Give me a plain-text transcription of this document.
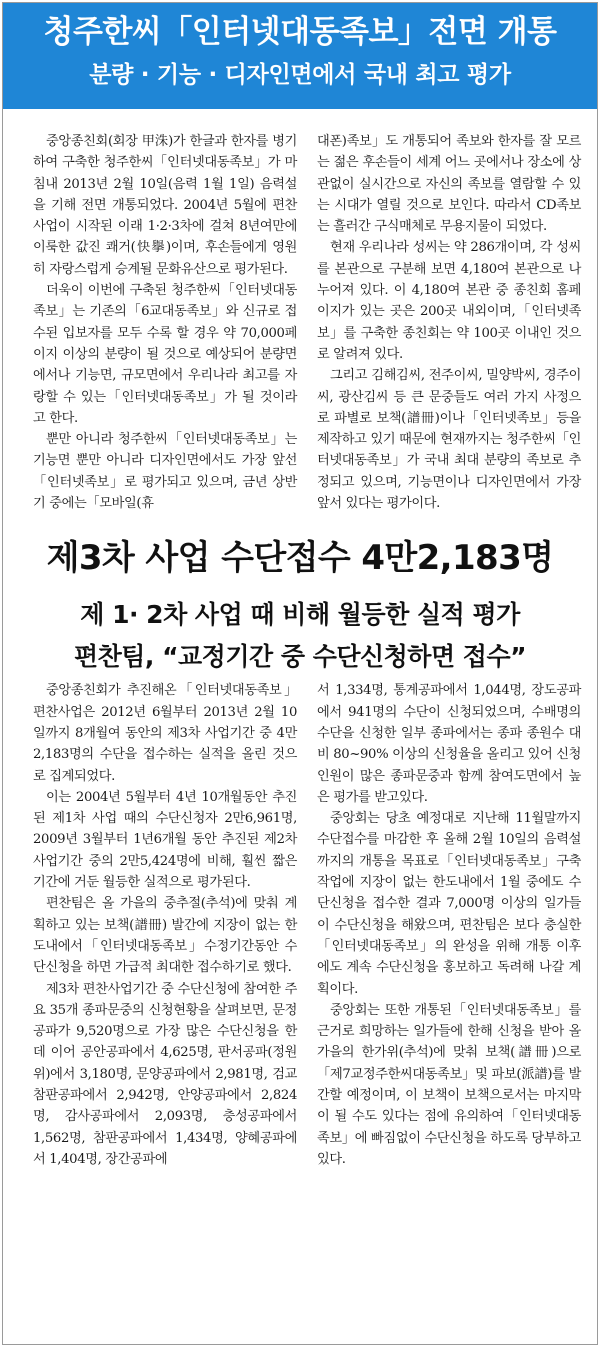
청주한씨「인터넷대동족보」전면 개통
분량 · 기능 · 디자인면에서 국내 최고 평가

중앙종친회(회장 甲洙)가 한글과 한자를 병기하여 구축한 청주한씨「인터넷대동족보」가 마침내 2013년 2월 10일(음력 1월 1일) 음력설을 기해 전면 개통되었다. 2004년 5월에 편찬사업이 시작된 이래 1·2·3차에 걸쳐 8년여만에 이룩한 값진 쾌거(快擧)이며, 후손들에게 영원히 자랑스럽게 승계될 문화유산으로 평가된다.

더욱이 이번에 구축된 청주한씨「인터넷대동족보」는 기존의「6교대동족보」와 신규로 접수된 입보자를 모두 수록 할 경우 약 70,000페이지 이상의 분량이 될 것으로 예상되어 분량면에서나 기능면, 규모면에서 우리나라 최고를 자랑할 수 있는「인터넷대동족보」가 될 것이라고 한다.

뿐만 아니라 청주한씨「인터넷대동족보」는 기능면 뿐만 아니라 디자인면에서도 가장 앞선「인터넷족보」로 평가되고 있으며, 금년 상반기 중에는「모바일(휴

대폰)족보」도 개통되어 족보와 한자를 잘 모르는 젊은 후손들이 세계 어느 곳에서나 장소에 상관없이 실시간으로 자신의 족보를 열람할 수 있는 시대가 열릴 것으로 보인다. 따라서 CD족보는 흘러간 구식매체로 무용지물이 되었다.

현재 우리나라 성씨는 약 286개이며, 각 성씨를 본관으로 구분해 보면 4,180여 본관으로 나누어져 있다. 이 4,180여 본관 중 종친회 홈페이지가 있는 곳은 200곳 내외이며,「인터넷족보」를 구축한 종친회는 약 100곳 이내인 것으로 알려져 있다.

그리고 김해김씨, 전주이씨, 밀양박씨, 경주이씨, 광산김씨 등 큰 문중들도 여러 가지 사정으로 파별로 보책(譜冊)이나「인터넷족보」등을 제작하고 있기 때문에 현재까지는 청주한씨「인터넷대동족보」가 국내 최대 분량의 족보로 추정되고 있으며, 기능면이나 디자인면에서 가장 앞서 있다는 평가이다.

제3차 사업 수단접수 4만2,183명
제 1· 2차 사업 때 비해 월등한 실적 평가
편찬팀, “교정기간 중 수단신청하면 접수”

중앙종친회가 추진해온「인터넷대동족보」편찬사업은 2012년 6월부터 2013년 2월 10일까지 8개월여 동안의 제3차 사업기간 중 4만2,183명의 수단을 접수하는 실적을 올린 것으로 집계되었다.

이는 2004년 5월부터 4년 10개월동안 추진된 제1차 사업 때의 수단신청자 2만6,961명, 2009년 3월부터 1년6개월 동안 추진된 제2차 사업기간 중의 2만5,424명에 비해, 훨씬 짧은 기간에 거둔 월등한 실적으로 평가된다.

편찬팀은 올 가을의 중추절(추석)에 맞춰 계획하고 있는 보책(譜冊) 발간에 지장이 없는 한도내에서「인터넷대동족보」수정기간동안 수단신청을 하면 가급적 최대한 접수하기로 했다.

제3차 편찬사업기간 중 수단신청에 참여한 주요 35개 종파문중의 신청현황을 살펴보면, 문정공파가 9,520명으로 가장 많은 수단신청을 한데 이어 공안공파에서 4,625명, 판서공파(정원위)에서 3,180명, 문양공파에서 2,981명, 검교참판공파에서 2,942명, 안양공파에서 2,824명, 감사공파에서 2,093명, 충성공파에서 1,562명, 참판공파에서 1,434명, 양혜공파에서 1,404명, 장간공파에

서 1,334명, 통계공파에서 1,044명, 장도공파에서 941명의 수단이 신청되었으며, 수배명의 수단을 신청한 일부 종파에서는 종파 종원수 대비 80~90% 이상의 신청율을 올리고 있어 신청인원이 많은 종파문중과 함께 참여도면에서 높은 평가를 받고있다.

중앙회는 당초 예정대로 지난해 11월말까지 수단접수를 마감한 후 올해 2월 10일의 음력설까지의 개통을 목표로「인터넷대동족보」구축작업에 지장이 없는 한도내에서 1월 중에도 수단신청을 접수한 결과 7,000명 이상의 일가들이 수단신청을 해왔으며, 편찬팀은 보다 충실한「인터넷대동족보」의 완성을 위해 개통 이후에도 계속 수단신청을 홍보하고 독려해 나갈 계획이다.

중앙회는 또한 개통된「인터넷대동족보」를 근거로 희망하는 일가들에 한해 신청을 받아 올 가을의 한가위(추석)에 맞춰 보책(譜冊)으로「제7교정주한씨대동족보」및 파보(派譜)를 발간할 예정이며, 이 보책이 보책으로서는 마지막이 될 수도 있다는 점에 유의하여「인터넷대동족보」에 빠짐없이 수단신청을 하도록 당부하고 있다.
